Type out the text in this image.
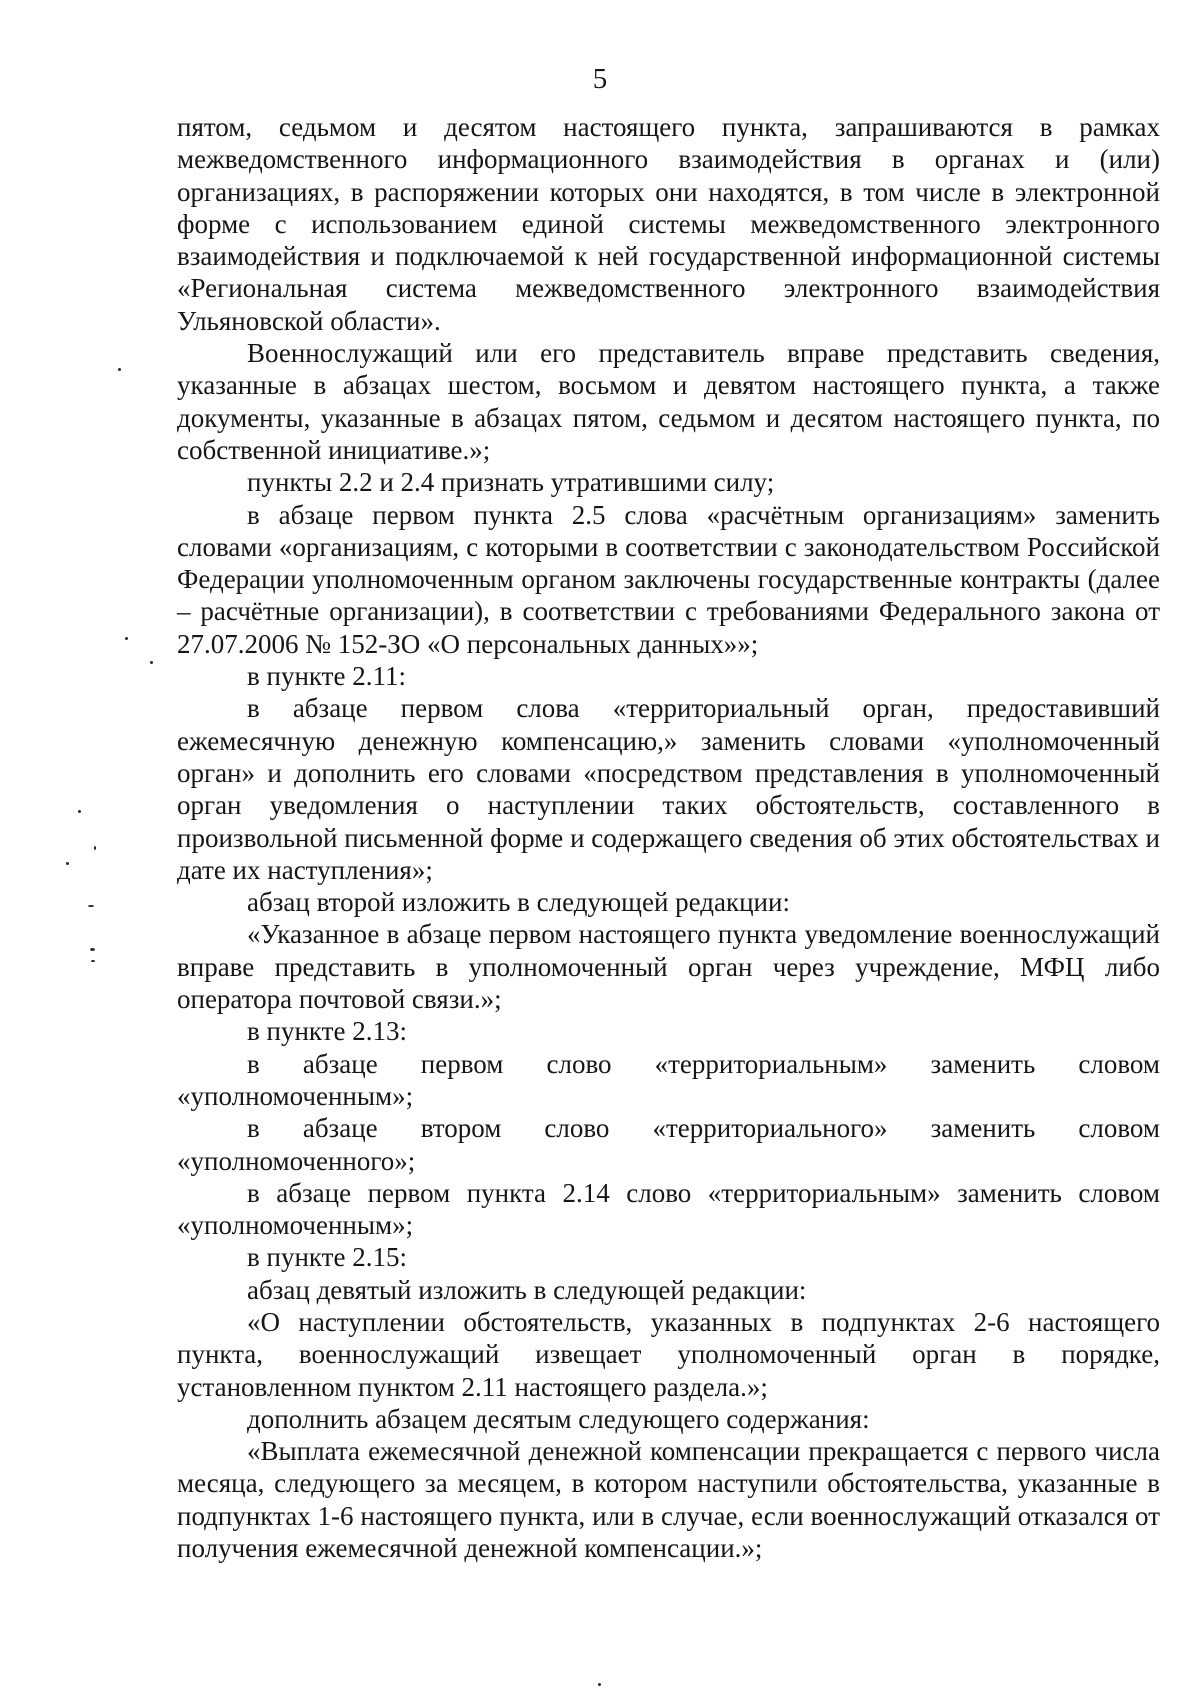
5

пятом, седьмом и десятом настоящего пункта, запрашиваются в рамках межведомственного информационного взаимодействия в органах и (или) организациях, в распоряжении которых они находятся, в том числе в электронной форме с использованием единой системы межведомственного электронного взаимодействия и подключаемой к ней государственной информационной системы «Региональная система межведомственного электронного взаимодействия Ульяновской области».

Военнослужащий или его представитель вправе представить сведения, указанные в абзацах шестом, восьмом и девятом настоящего пункта, а также документы, указанные в абзацах пятом, седьмом и десятом настоящего пункта, по собственной инициативе.»;

пункты 2.2 и 2.4 признать утратившими силу;

в абзаце первом пункта 2.5 слова «расчётным организациям» заменить словами «организациям, с которыми в соответствии с законодательством Российской Федерации уполномоченным органом заключены государственные контракты (далее – расчётные организации), в соответствии с требованиями Федерального закона от 27.07.2006 № 152-ЗО «О персональных данных»»;

в пункте 2.11:

в абзаце первом слова «территориальный орган, предоставивший ежемесячную денежную компенсацию,» заменить словами «уполномоченный орган» и дополнить его словами «посредством представления в уполномоченный орган уведомления о наступлении таких обстоятельств, составленного в произвольной письменной форме и содержащего сведения об этих обстоятельствах и дате их наступления»;

абзац второй изложить в следующей редакции:

«Указанное в абзаце первом настоящего пункта уведомление военнослужащий вправе представить в уполномоченный орган через учреждение, МФЦ либо оператора почтовой связи.»;

в пункте 2.13:

в абзаце первом слово «территориальным» заменить словом «уполномоченным»;

в абзаце втором слово «территориального» заменить словом «уполномоченного»;

в абзаце первом пункта 2.14 слово «территориальным» заменить словом «уполномоченным»;

в пункте 2.15:

абзац девятый изложить в следующей редакции:

«О наступлении обстоятельств, указанных в подпунктах 2-6 настоящего пункта, военнослужащий извещает уполномоченный орган в порядке, установленном пунктом 2.11 настоящего раздела.»;

дополнить абзацем десятым следующего содержания:

«Выплата ежемесячной денежной компенсации прекращается с первого числа месяца, следующего за месяцем, в котором наступили обстоятельства, указанные в подпунктах 1-6 настоящего пункта, или в случае, если военнослужащий отказался от получения ежемесячной денежной компенсации.»;
